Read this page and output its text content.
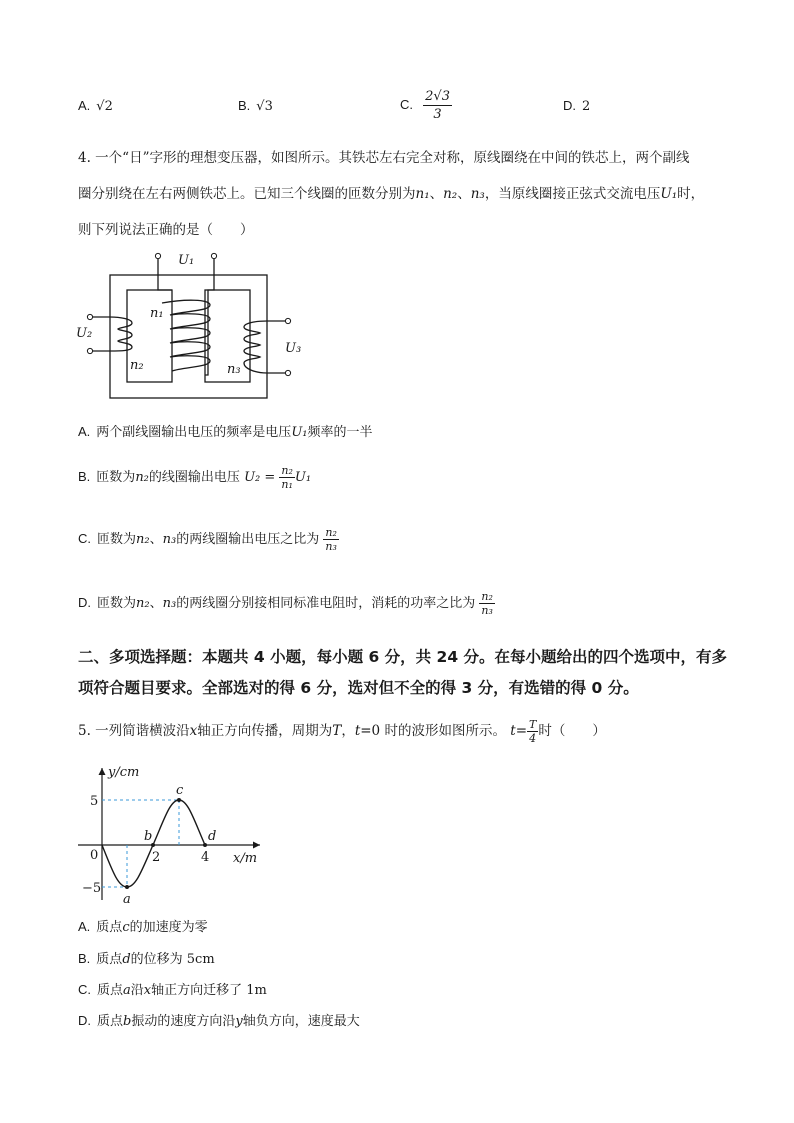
A. √2	B. √3	C. $\frac{2√3}{3}$	D. 2
4. 一个“日”字形的理想变压器，如图所示。其铁芯左右完全对称，原线圈绕在中间的铁芯上，两个副线
圈分别绕在左右两侧铁芯上。已知三个线圈的匝数分别为n₁、n₂、n₃，当原线圈接正弦式交流电压U₁时，
则下列说法正确的是（　　）
U₁
U₂
U₃
n₁
n₂	n₃
A. 两个副线圈输出电压的频率是电压U₁频率的一半
B. 匝数为n₂的线圈输出电压 $U_2 = \frac{\text{n₂}}{\text{n₁}} U_1$
C. 匝数为n₂、n₃的两线圈输出电压之比为 $\frac{\text{n₂}}{\text{n₃}}$
D. 匝数为n₂、n₃的两线圈分别接相同标准电阻时，消耗的功率之比为 $\frac{\text{n₂}}{\text{n₃}}$
二、多项选择题：本题共 4 小题，每小题 6 分，共 24 分。在每小题给出的四个选项中，有多
项符合题目要求。全部选对的得 6 分，选对但不全的得 3 分，有选错的得 0 分。
5. 一列简谐横波沿x轴正方向传播，周期为T，t=0 时的波形如图所示。 $t= \frac{T}{4}$ 时（　　）
y/cm
x/m
5
−5
0	2	4
a
b
c
d
A. 质点c的加速度为零
B. 质点d的位移为 5cm
C. 质点a沿x轴正方向迁移了 1m
D. 质点b振动的速度方向沿y轴负方向，速度最大
